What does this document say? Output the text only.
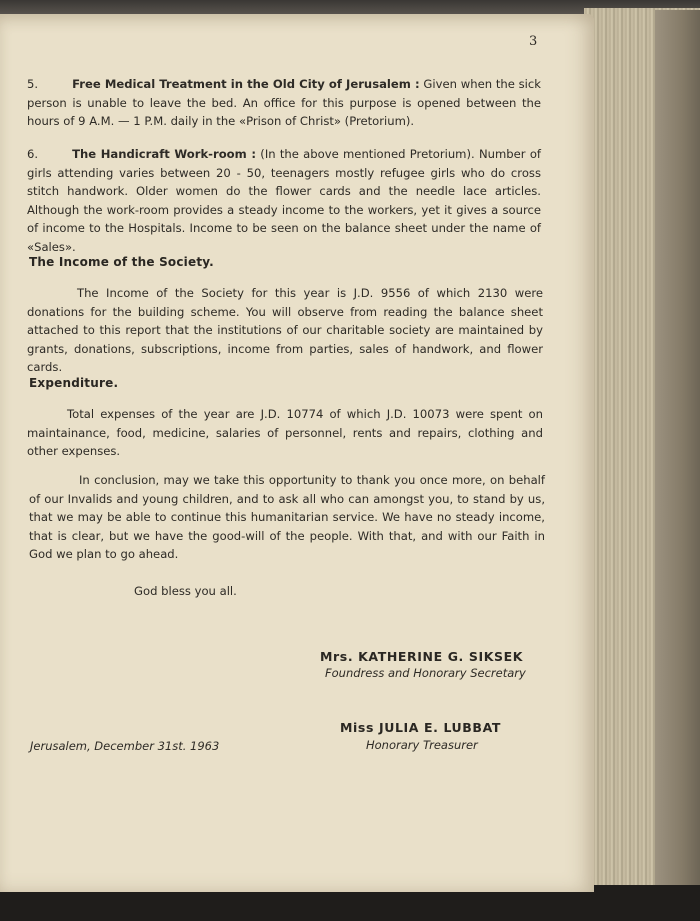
3

5.	Free Medical Treatment in the Old City of Jerusalem : Given when the sick person is unable to leave the bed. An office for this purpose is opened between the hours of 9 A.M. — 1 P.M. daily in the «Prison of Christ» (Pretorium).

6.	The Handicraft Work-room : (In the above mentioned Pretorium). Number of girls attending varies between 20 - 50, teenagers mostly refugee girls who do cross stitch handwork. Older women do the flower cards and the needle lace articles. Although the work-room provides a steady income to the workers, yet it gives a source of income to the Hospitals. Income to be seen on the balance sheet under the name of «Sales».

The Income of the Society.

The Income of the Society for this year is J.D. 9556 of which 2130 were donations for the building scheme. You will observe from reading the balance sheet attached to this report that the institutions of our charitable society are maintained by grants, donations, subscriptions, income from parties, sales of handwork, and flower cards.

Expenditure.

Total expenses of the year are J.D. 10774 of which J.D. 10073 were spent on maintainance, food, medicine, salaries of personnel, rents and repairs, clothing and other expenses.

In conclusion, may we take this opportunity to thank you once more, on behalf of our Invalids and young children, and to ask all who can amongst you, to stand by us, that we may be able to continue this humanitarian service. We have no steady income, that is clear, but we have the good-will of the people. With that, and with our Faith in God we plan to go ahead.

God bless you all.

Mrs. KATHERINE G. SIKSEK

Foundress and Honorary Secretary

Miss JULIA E. LUBBAT

Honorary Treasurer

Jerusalem, December 31st. 1963
